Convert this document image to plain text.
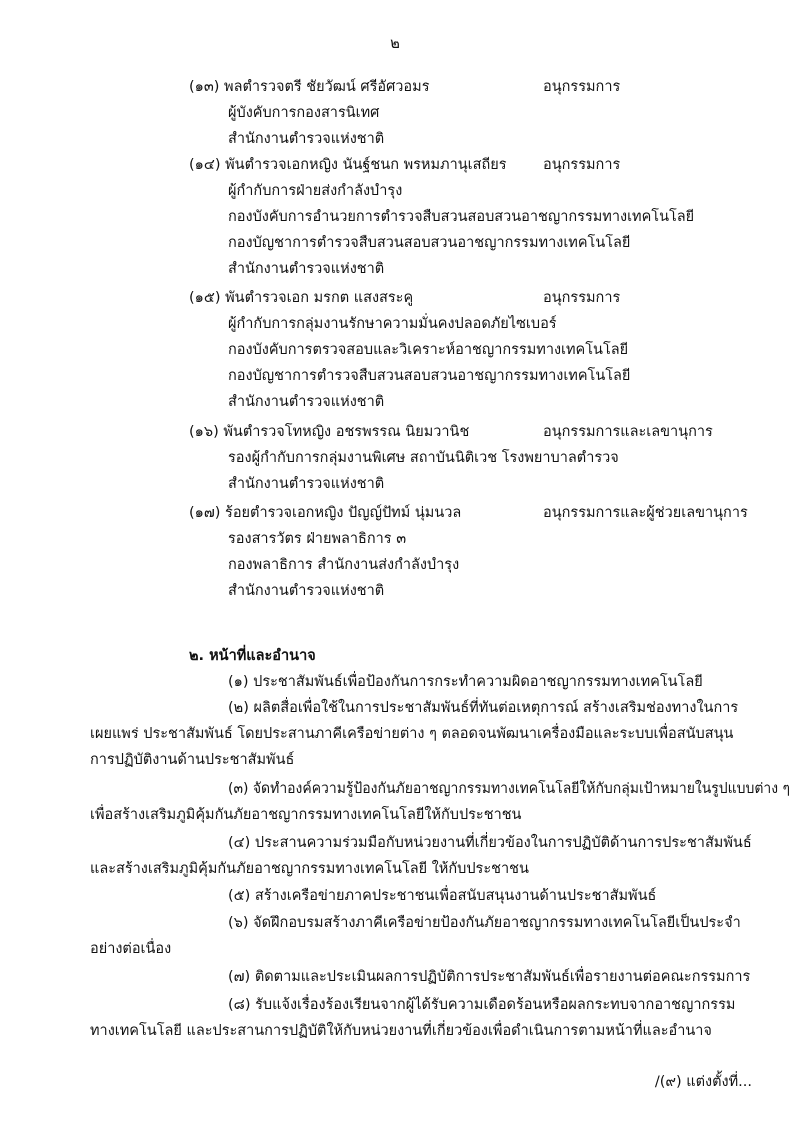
๒
(๑๓) พลตำรวจตรี ชัยวัฒน์ ศรีอัศวอมร	อนุกรรมการ
ผู้บังคับการกองสารนิเทศ
สำนักงานตำรวจแห่งชาติ
(๑๔) พันตำรวจเอกหญิง นันฐ์ชนก พรหมภานุเสถียร	อนุกรรมการ
ผู้กำกับการฝ่ายส่งกำลังบำรุง
กองบังคับการอำนวยการตำรวจสืบสวนสอบสวนอาชญากรรมทางเทคโนโลยี
กองบัญชาการตำรวจสืบสวนสอบสวนอาชญากรรมทางเทคโนโลยี
สำนักงานตำรวจแห่งชาติ
(๑๕) พันตำรวจเอก มรกต แสงสระคู	อนุกรรมการ
ผู้กำกับการกลุ่มงานรักษาความมั่นคงปลอดภัยไซเบอร์
กองบังคับการตรวจสอบและวิเคราะห์อาชญากรรมทางเทคโนโลยี
กองบัญชาการตำรวจสืบสวนสอบสวนอาชญากรรมทางเทคโนโลยี
สำนักงานตำรวจแห่งชาติ
(๑๖) พันตำรวจโทหญิง อชรพรรณ นิยมวานิช	อนุกรรมการและเลขานุการ
รองผู้กำกับการกลุ่มงานพิเศษ สถาบันนิติเวช โรงพยาบาลตำรวจ
สำนักงานตำรวจแห่งชาติ
(๑๗) ร้อยตำรวจเอกหญิง ปัญญ์ปัทม์ นุ่มนวล	อนุกรรมการและผู้ช่วยเลขานุการ
รองสารวัตร ฝ่ายพลาธิการ ๓
กองพลาธิการ สำนักงานส่งกำลังบำรุง
สำนักงานตำรวจแห่งชาติ
๒. หน้าที่และอำนาจ
(๑) ประชาสัมพันธ์เพื่อป้องกันการกระทำความผิดอาชญากรรมทางเทคโนโลยี
(๒) ผลิตสื่อเพื่อใช้ในการประชาสัมพันธ์ที่ทันต่อเหตุการณ์ สร้างเสริมช่องทางในการ
เผยแพร่ ประชาสัมพันธ์ โดยประสานภาคีเครือข่ายต่าง ๆ ตลอดจนพัฒนาเครื่องมือและระบบเพื่อสนับสนุน
การปฏิบัติงานด้านประชาสัมพันธ์
(๓) จัดทำองค์ความรู้ป้องกันภัยอาชญากรรมทางเทคโนโลยีให้กับกลุ่มเป้าหมายในรูปแบบต่าง ๆ
เพื่อสร้างเสริมภูมิคุ้มกันภัยอาชญากรรมทางเทคโนโลยีให้กับประชาชน
(๔) ประสานความร่วมมือกับหน่วยงานที่เกี่ยวข้องในการปฏิบัติด้านการประชาสัมพันธ์
และสร้างเสริมภูมิคุ้มกันภัยอาชญากรรมทางเทคโนโลยี ให้กับประชาชน
(๕) สร้างเครือข่ายภาคประชาชนเพื่อสนับสนุนงานด้านประชาสัมพันธ์
(๖) จัดฝึกอบรมสร้างภาคีเครือข่ายป้องกันภัยอาชญากรรมทางเทคโนโลยีเป็นประจำ
อย่างต่อเนื่อง
(๗) ติดตามและประเมินผลการปฏิบัติการประชาสัมพันธ์เพื่อรายงานต่อคณะกรรมการ
(๘) รับแจ้งเรื่องร้องเรียนจากผู้ได้รับความเดือดร้อนหรือผลกระทบจากอาชญากรรม
ทางเทคโนโลยี และประสานการปฏิบัติให้กับหน่วยงานที่เกี่ยวข้องเพื่อดำเนินการตามหน้าที่และอำนาจ
/(๙) แต่งตั้งที่...
